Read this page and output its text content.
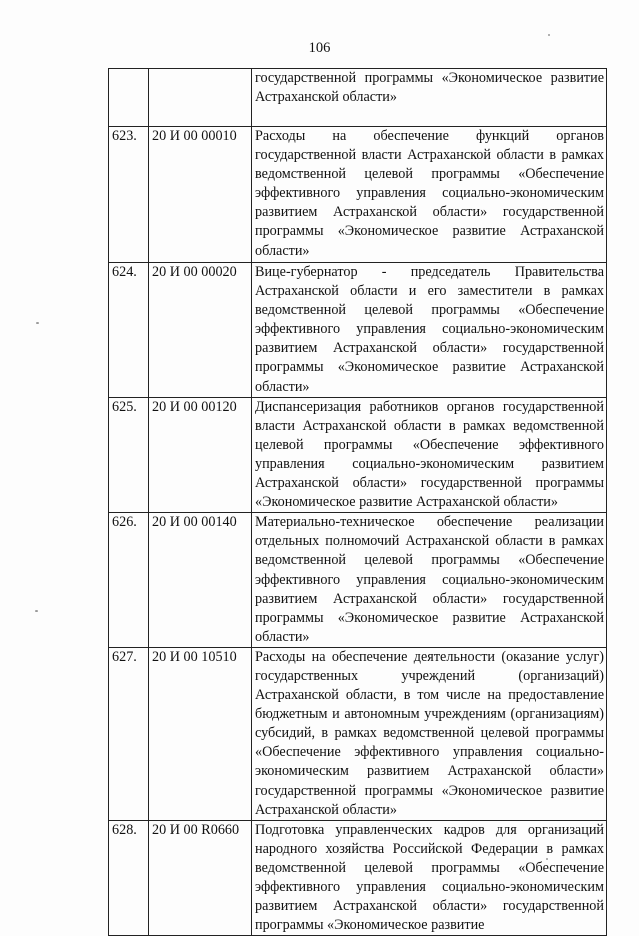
106
		государственной программы «Экономическое развитие Астраханской области»
623.	20 И 00 00010	Расходы на обеспечение функций органов государственной власти Астраханской области в рамках ведомственной целевой программы «Обеспечение эффективного управления социально-экономическим развитием Астраханской области» государственной программы «Экономическое развитие Астраханской области»
624.	20 И 00 00020	Вице-губернатор - председатель Правительства Астраханской области и его заместители в рамках ведомственной целевой программы «Обеспечение эффективного управления социально-экономическим развитием Астраханской области» государственной программы «Экономическое развитие Астраханской области»
625.	20 И 00 00120	Диспансеризация работников органов государственной власти Астраханской области в рамках ведомственной целевой программы «Обеспечение эффективного управления социально-экономическим развитием Астраханской области» государственной программы «Экономическое развитие Астраханской области»
626.	20 И 00 00140	Материально-техническое обеспечение реализации отдельных полномочий Астраханской области в рамках ведомственной целевой программы «Обеспечение эффективного управления социально-экономическим развитием Астраханской области» государственной программы «Экономическое развитие Астраханской области»
627.	20 И 00 10510	Расходы на обеспечение деятельности (оказание услуг) государственных учреждений (организаций) Астраханской области, в том числе на предоставление бюджетным и автономным учреждениям (организациям) субсидий, в рамках ведомственной целевой программы «Обеспечение эффективного управления социально-экономическим развитием Астраханской области» государственной программы «Экономическое развитие Астраханской области»
628.	20 И 00 R0660	Подготовка управленческих кадров для организаций народного хозяйства Российской Федерации в рамках ведомственной целевой программы «Обеспечение эффективного управления социально-экономическим развитием Астраханской области» государственной программы «Экономическое развитие
